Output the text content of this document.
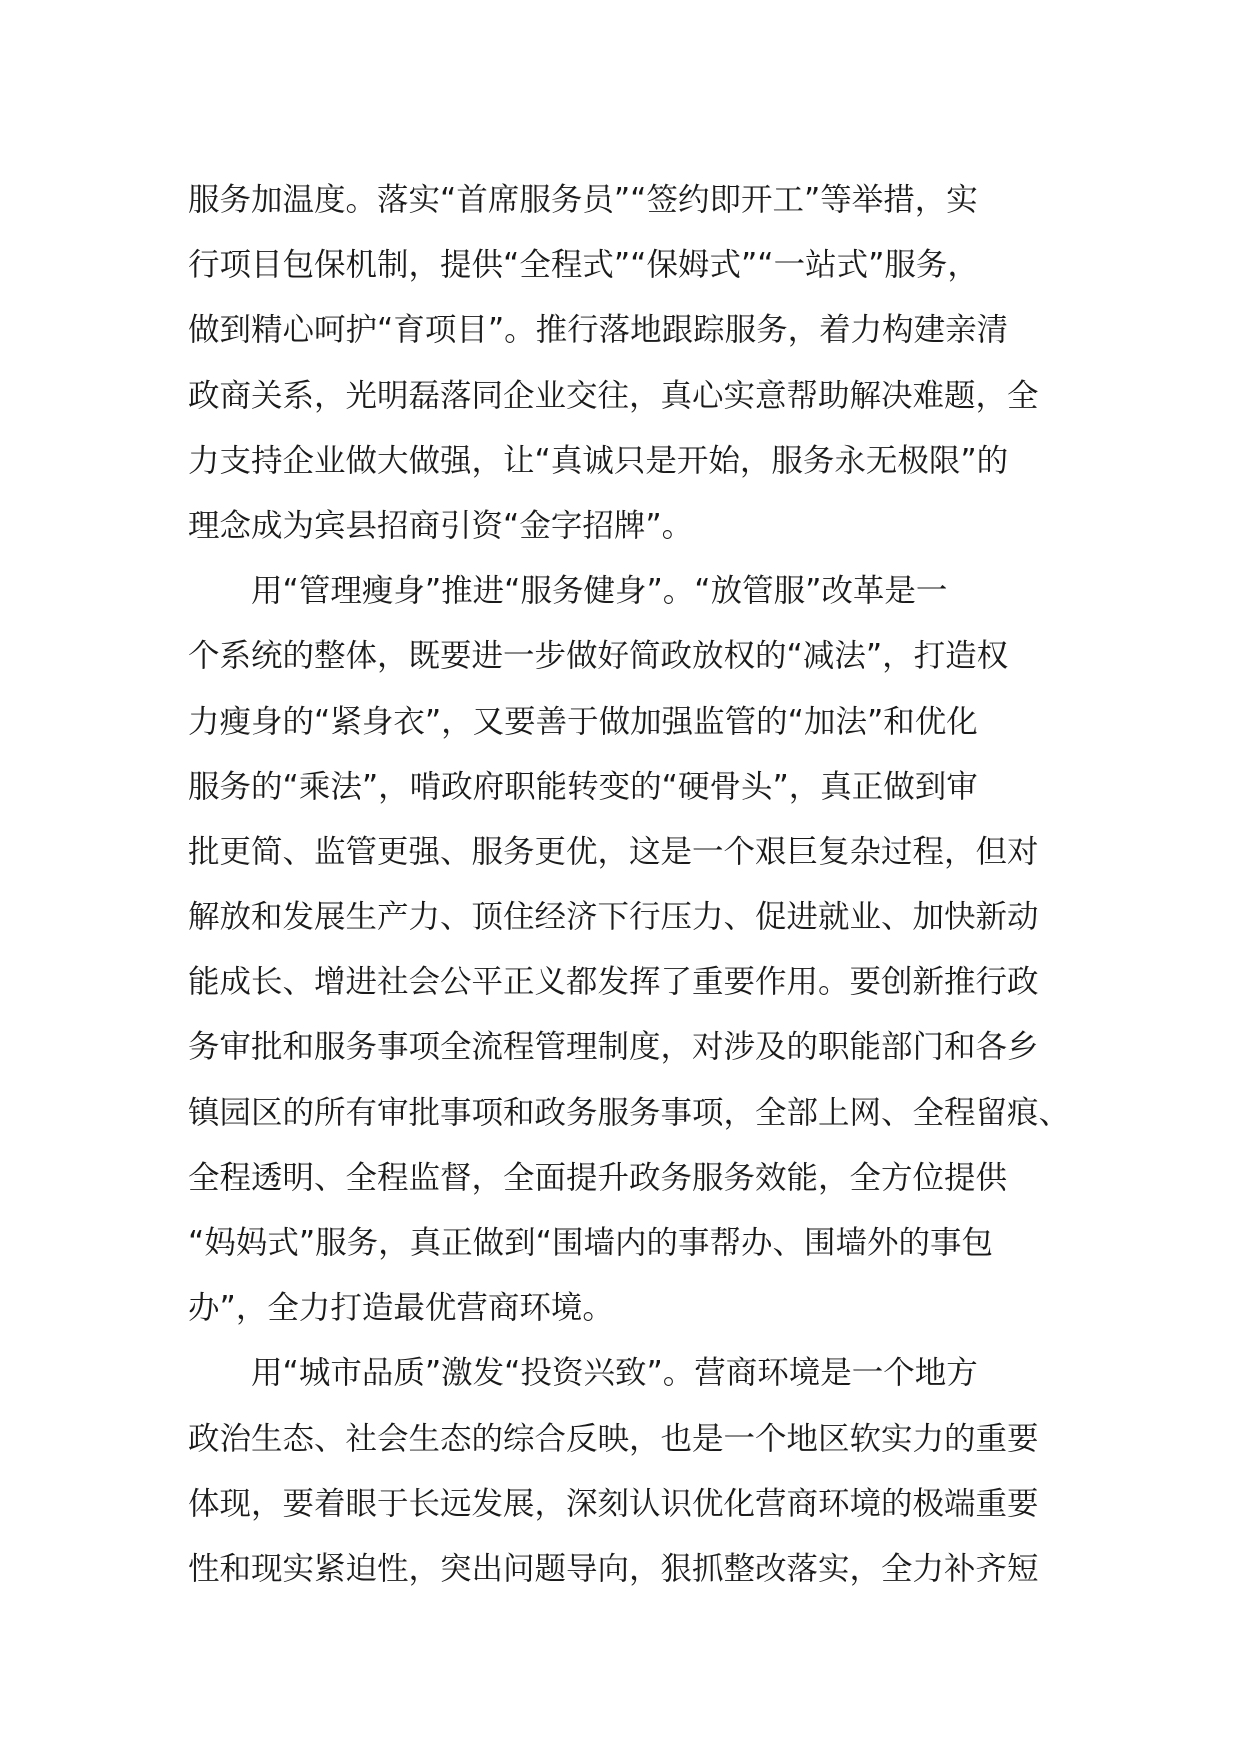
服务加温度。落实“首席服务员”“签约即开工”等举措，实
行项目包保机制，提供“全程式”“保姆式”“一站式”服务，
做到精心呵护“育项目”。推行落地跟踪服务，着力构建亲清
政商关系，光明磊落同企业交往，真心实意帮助解决难题，全
力支持企业做大做强，让“真诚只是开始，服务永无极限”的
理念成为宾县招商引资“金字招牌”。
用“管理瘦身”推进“服务健身”。“放管服”改革是一
个系统的整体，既要进一步做好简政放权的“减法”，打造权
力瘦身的“紧身衣”，又要善于做加强监管的“加法”和优化
服务的“乘法”，啃政府职能转变的“硬骨头”，真正做到审
批更简、监管更强、服务更优，这是一个艰巨复杂过程，但对
解放和发展生产力、顶住经济下行压力、促进就业、加快新动
能成长、增进社会公平正义都发挥了重要作用。要创新推行政
务审批和服务事项全流程管理制度，对涉及的职能部门和各乡
镇园区的所有审批事项和政务服务事项，全部上网、全程留痕、
全程透明、全程监督，全面提升政务服务效能，全方位提供
“妈妈式”服务，真正做到“围墙内的事帮办、围墙外的事包
办”，全力打造最优营商环境。
用“城市品质”激发“投资兴致”。营商环境是一个地方
政治生态、社会生态的综合反映，也是一个地区软实力的重要
体现，要着眼于长远发展，深刻认识优化营商环境的极端重要
性和现实紧迫性，突出问题导向，狠抓整改落实，全力补齐短
